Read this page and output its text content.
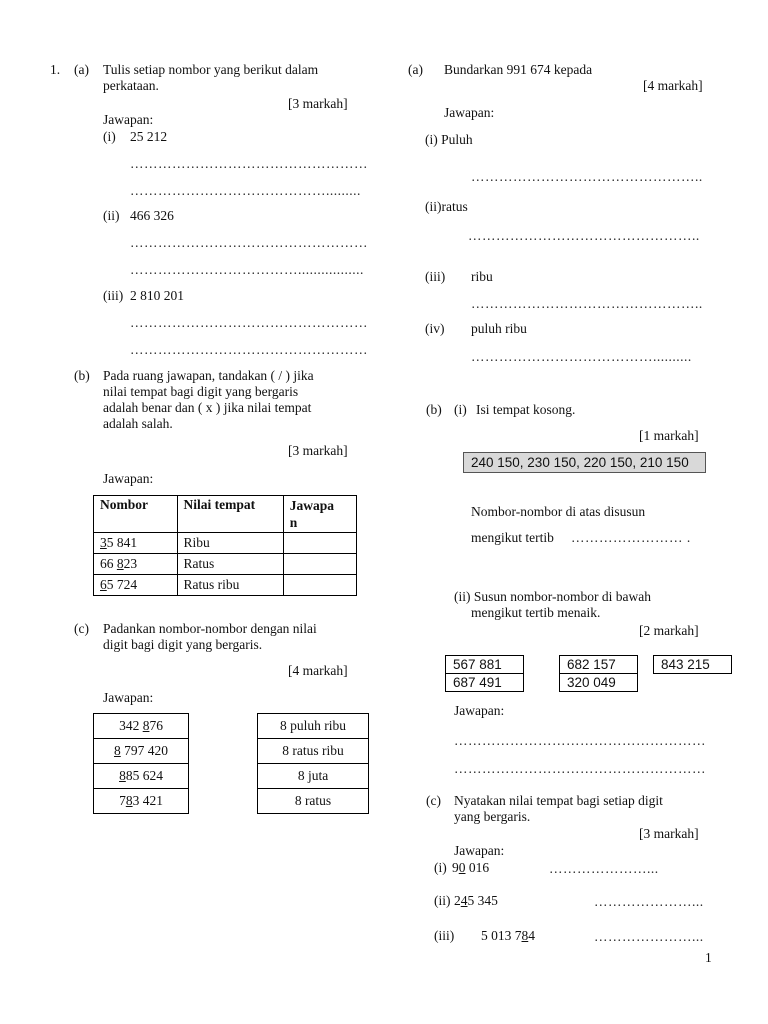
1. (a) Tulis setiap nombor yang berikut dalam
perkataan.
[3 markah]
Jawapan:
(i) 25 212
……………………………………………
…………………………………….........
(ii) 466 326
……………………………………………
……………………………….................
(iii) 2 810 201
……………………………………………
……………………………………………
(b) Pada ruang jawapan, tandakan ( / ) jika
nilai tempat bagi digit yang bergaris
adalah benar dan ( x ) jika nilai tempat
adalah salah.
[3 markah]
Jawapan:
Nombor	Nilai tempat	Jawapa
n
35 841	Ribu	
66 823	Ratus	
65 724	Ratus ribu	
(c) Padankan nombor-nombor dengan nilai
digit bagi digit yang bergaris.
[4 markah]
Jawapan:
342 876
8 797 420
885 624
783 421
8 puluh ribu
8 ratus ribu
8 juta
8 ratus
(a) Bundarkan 991 674 kepada
[4 markah]
Jawapan:
(i) Puluh
…………………………………………..
(ii)ratus
…………………………………………..
(iii) ribu
…………………………………………..
(iv) puluh ribu
…………………………………..........
(b) (i) Isi tempat kosong.
[1 markah]
240 150, 230 150, 220 150, 210 150
Nombor-nombor di atas disusun
mengikut tertib …………………… .
(ii) Susun nombor-nombor di bawah
mengikut tertib menaik.
[2 markah]
567 881
687 491
682 157
320 049
843 215
Jawapan:
………………………………………………
………………………………………………
(c) Nyatakan nilai tempat bagi setiap digit
yang bergaris.
[3 markah]
Jawapan:
(i) 90 016	…………………...
(ii) 245 345	…………………...
(iii) 5 013 784	…………………...
1
